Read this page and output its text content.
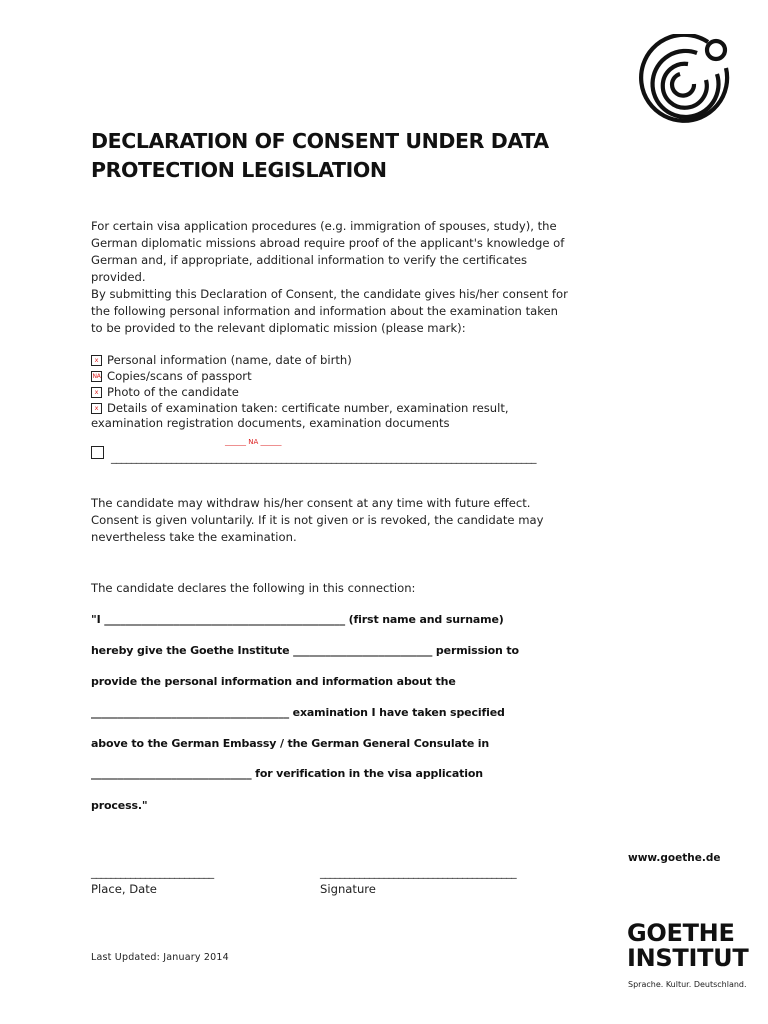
DECLARATION OF CONSENT UNDER DATA PROTECTION LEGISLATION
For certain visa application procedures (e.g. immigration of spouses, study), the German diplomatic missions abroad require proof of the applicant's knowledge of German and, if appropriate, additional information to verify the certificates provided.
By submitting this Declaration of Consent, the candidate gives his/her consent for the following personal information and information about the examination taken to be provided to the relevant diplomatic mission (please mark):
x Personal information (name, date of birth)
NA Copies/scans of passport
x Photo of the candidate
x Details of examination taken: certificate number, examination result,
examination registration documents, examination documents
_____________________________________________________________________________________
______ NA ______
The candidate may withdraw his/her consent at any time with future effect. Consent is given voluntarily. If it is not given or is revoked, the candidate may nevertheless take the examination.
The candidate declares the following in this connection:
"I _____________________________________________ (first name and surname)
hereby give the Goethe Institute __________________________ permission to
provide the personal information and information about the
_____________________________________ examination I have taken specified
above to the German Embassy / the German General Consulate in
______________________________ for verification in the visa application
process."
www.goethe.de
_________________________
Place, Date
________________________________________
Signature
Last Updated: January 2014
GOETHE
INSTITUT
Sprache. Kultur. Deutschland.
